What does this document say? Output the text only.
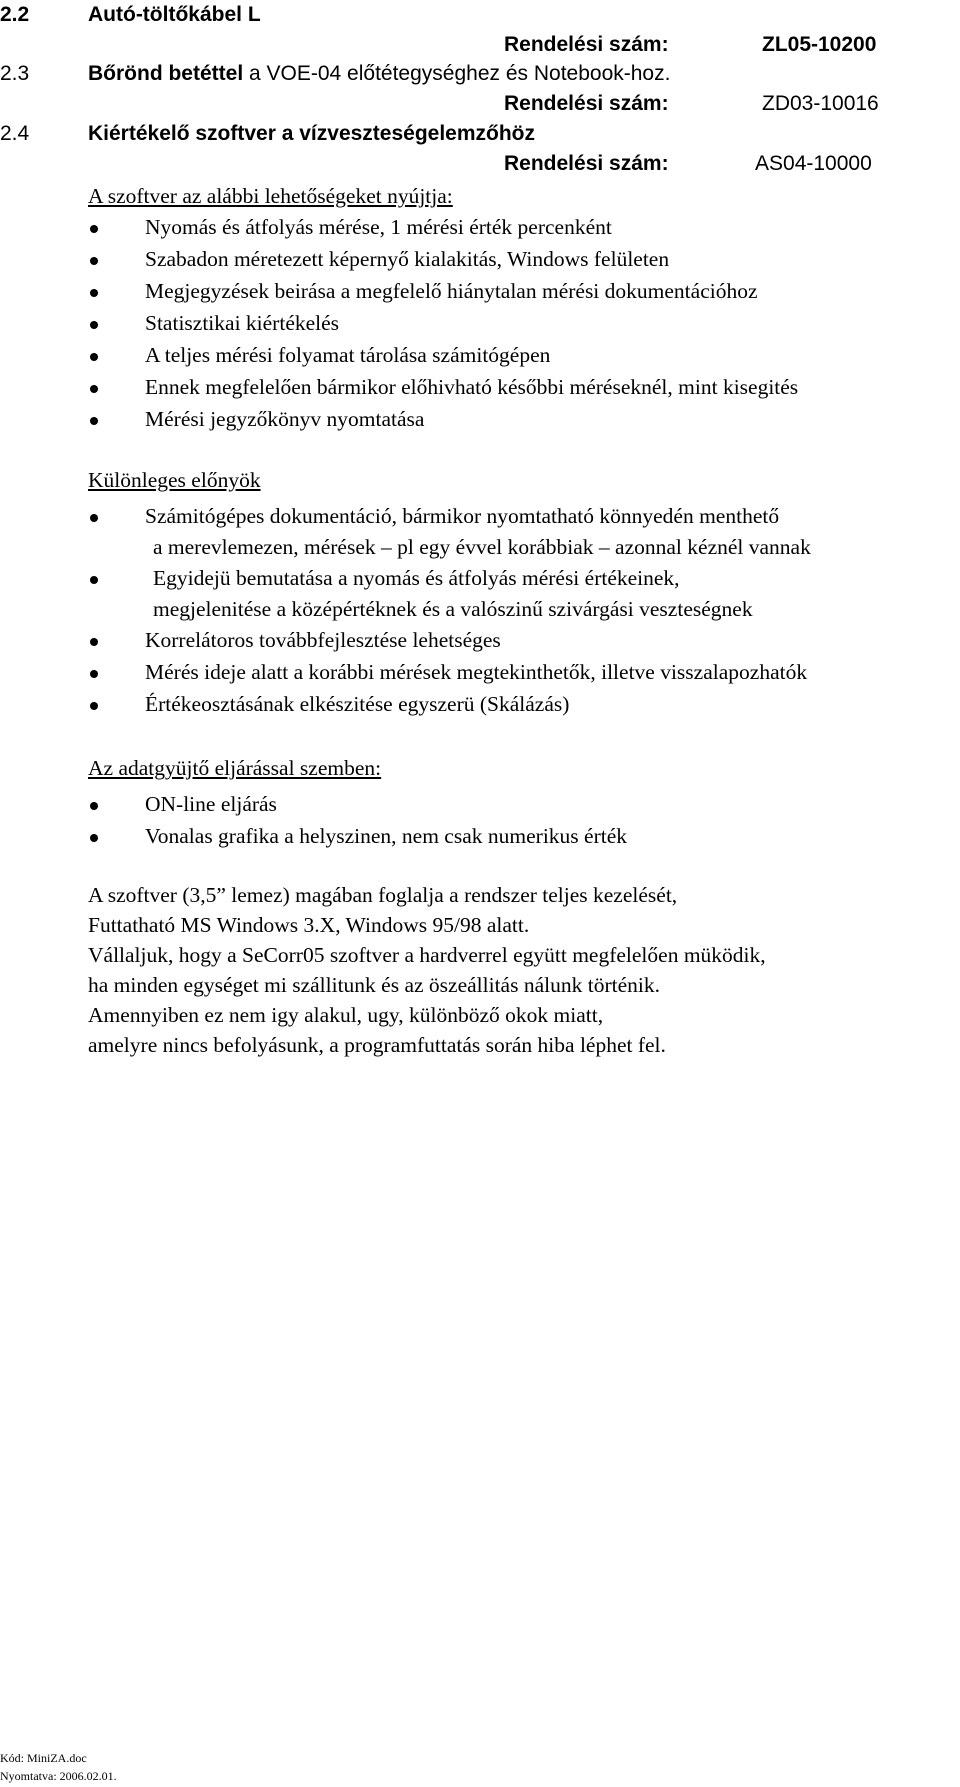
2.2	Autó-töltőkábel L
Rendelési szám:	ZL05-10200
2.3	Bőrönd betéttel a VOE-04 előtétegységhez és Notebook-hoz.
Rendelési szám:	ZD03-10016
2.4	Kiértékelő szoftver a vízveszteségelemzőhöz
Rendelési szám:	AS04-10000
A szoftver az alábbi lehetőségeket nyújtja:
Nyomás és átfolyás mérése, 1 mérési érték percenként
Szabadon méretezett képernyő kialakitás, Windows felületen
Megjegyzések beirása a megfelelő hiánytalan mérési dokumentációhoz
Statisztikai kiértékelés
A teljes mérési folyamat tárolása számitógépen
Ennek megfelelően bármikor előhivható későbbi méréseknél, mint kisegités
Mérési jegyzőkönyv nyomtatása
Különleges előnyök
Számitógépes dokumentáció, bármikor nyomtatható könnyedén menthető
a merevlemezen, mérések – pl egy évvel korábbiak – azonnal kéznél vannak
Egyidejü bemutatása a nyomás és átfolyás mérési értékeinek,
megjelenitése a középértéknek és a valószinű szivárgási veszteségnek
Korrelátoros továbbfejlesztése lehetséges
Mérés ideje alatt a korábbi mérések megtekinthetők, illetve visszalapozhatók
Értékeosztásának elkészitése egyszerü (Skálázás)
Az adatgyüjtő eljárással szemben:
ON-line eljárás
Vonalas grafika a helyszinen, nem csak numerikus érték
A szoftver (3,5” lemez) magában foglalja a rendszer teljes kezelését,
Futtatható MS Windows 3.X, Windows 95/98 alatt.
Vállaljuk, hogy a SeCorr05 szoftver a hardverrel együtt megfelelően müködik,
ha minden egységet mi szállitunk és az öszeállitás nálunk történik.
Amennyiben ez nem igy alakul, ugy, különböző okok miatt,
amelyre nincs befolyásunk, a programfuttatás során hiba léphet fel.
Kód: MiniZA.doc
Nyomtatva: 2006.02.01.
